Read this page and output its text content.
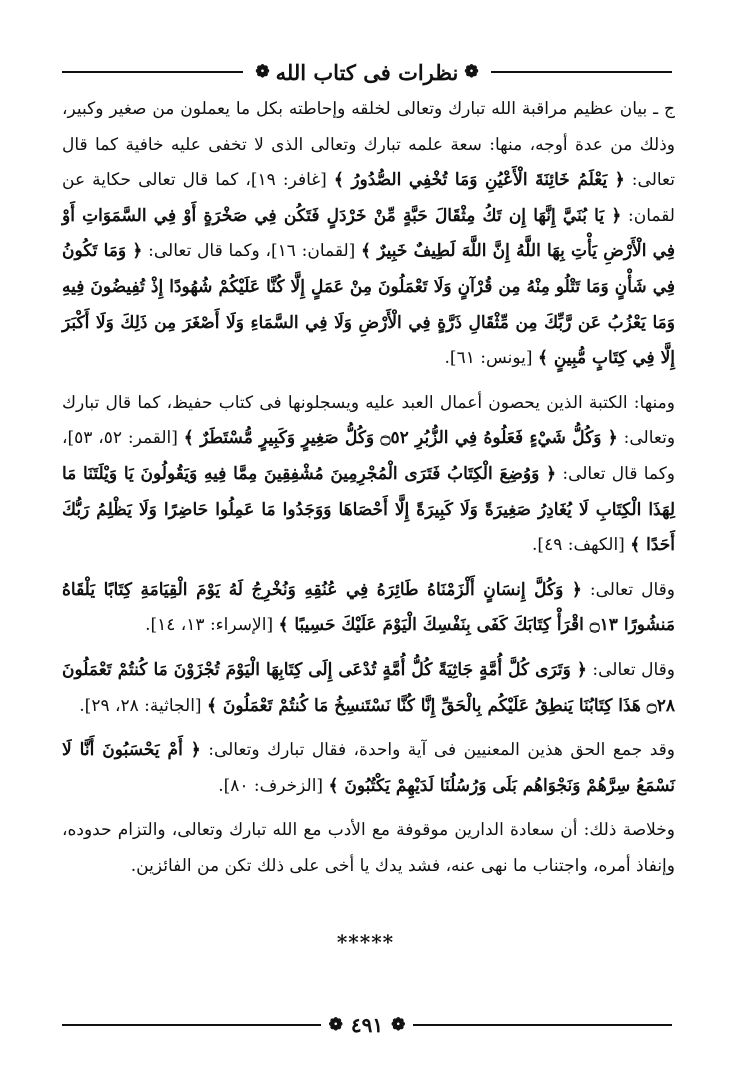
❁ نظرات فى كتاب الله ❁

ج ـ بيان عظيم مراقبة الله تبارك وتعالى لخلقه وإحاطته بكل ما يعملون من صغير وكبير، وذلك من عدة أوجه، منها: سعة علمه تبارك وتعالى الذى لا تخفى عليه خافية كما قال تعالى: ﴿ يَعْلَمُ خَائِنَةَ الْأَعْيُنِ وَمَا تُخْفِي الصُّدُورُ ﴾ [غافر: ١٩]، كما قال تعالى حكاية عن لقمان: ﴿ يَا بُنَيَّ إِنَّهَا إِن تَكُ مِثْقَالَ حَبَّةٍ مِّنْ خَرْدَلٍ فَتَكُن فِي صَخْرَةٍ أَوْ فِي السَّمَوَاتِ أَوْ فِي الْأَرْضِ يَأْتِ بِهَا اللَّهُ إِنَّ اللَّهَ لَطِيفٌ خَبِيرٌ ﴾ [لقمان: ١٦]، وكما قال تعالى: ﴿ وَمَا تَكُونُ فِي شَأْنٍ وَمَا تَتْلُو مِنْهُ مِن قُرْآنٍ وَلَا تَعْمَلُونَ مِنْ عَمَلٍ إِلَّا كُنَّا عَلَيْكُمْ شُهُودًا إِذْ تُفِيضُونَ فِيهِ وَمَا يَعْزُبُ عَن رَّبِّكَ مِن مِّثْقَالِ ذَرَّةٍ فِي الْأَرْضِ وَلَا فِي السَّمَاءِ وَلَا أَصْغَرَ مِن ذَلِكَ وَلَا أَكْبَرَ إِلَّا فِي كِتَابٍ مُّبِينٍ ﴾ [يونس: ٦١].

ومنها: الكتبة الذين يحصون أعمال العبد عليه ويسجلونها فى كتاب حفيظ، كما قال تبارك وتعالى: ﴿ وَكُلُّ شَيْءٍ فَعَلُوهُ فِي الزُّبُرِ ۝٥٢ وَكُلُّ صَغِيرٍ وَكَبِيرٍ مُّسْتَطَرٌ ﴾ [القمر: ٥٢، ٥٣]، وكما قال تعالى: ﴿ وَوُضِعَ الْكِتَابُ فَتَرَى الْمُجْرِمِينَ مُشْفِقِينَ مِمَّا فِيهِ وَيَقُولُونَ يَا وَيْلَتَنَا مَا لِهَذَا الْكِتَابِ لَا يُغَادِرُ صَغِيرَةً وَلَا كَبِيرَةً إِلَّا أَحْصَاهَا وَوَجَدُوا مَا عَمِلُوا حَاضِرًا وَلَا يَظْلِمُ رَبُّكَ أَحَدًا ﴾ [الكهف: ٤٩].

وقال تعالى: ﴿ وَكُلَّ إِنسَانٍ أَلْزَمْنَاهُ طَائِرَهُ فِي عُنُقِهِ وَنُخْرِجُ لَهُ يَوْمَ الْقِيَامَةِ كِتَابًا يَلْقَاهُ مَنشُورًا ۝١٣ اقْرَأْ كِتَابَكَ كَفَى بِنَفْسِكَ الْيَوْمَ عَلَيْكَ حَسِيبًا ﴾ [الإسراء: ١٣، ١٤].

وقال تعالى: ﴿ وَتَرَى كُلَّ أُمَّةٍ جَاثِيَةً كُلُّ أُمَّةٍ تُدْعَى إِلَى كِتَابِهَا الْيَوْمَ تُجْزَوْنَ مَا كُنتُمْ تَعْمَلُونَ ۝٢٨ هَذَا كِتَابُنَا يَنطِقُ عَلَيْكُم بِالْحَقِّ إِنَّا كُنَّا نَسْتَنسِخُ مَا كُنتُمْ تَعْمَلُونَ ﴾ [الجاثية: ٢٨، ٢٩].

وقد جمع الحق هذين المعنيين فى آية واحدة، فقال تبارك وتعالى: ﴿ أَمْ يَحْسَبُونَ أَنَّا لَا نَسْمَعُ سِرَّهُمْ وَنَجْوَاهُم بَلَى وَرُسُلُنَا لَدَيْهِمْ يَكْتُبُونَ ﴾ [الزخرف: ٨٠].

وخلاصة ذلك: أن سعادة الدارين موقوفة مع الأدب مع الله تبارك وتعالى، والتزام حدوده، وإنفاذ أمره، واجتناب ما نهى عنه، فشد يدك يا أخى على ذلك تكن من الفائزين.

*****
❁ ٤٩١ ❁
